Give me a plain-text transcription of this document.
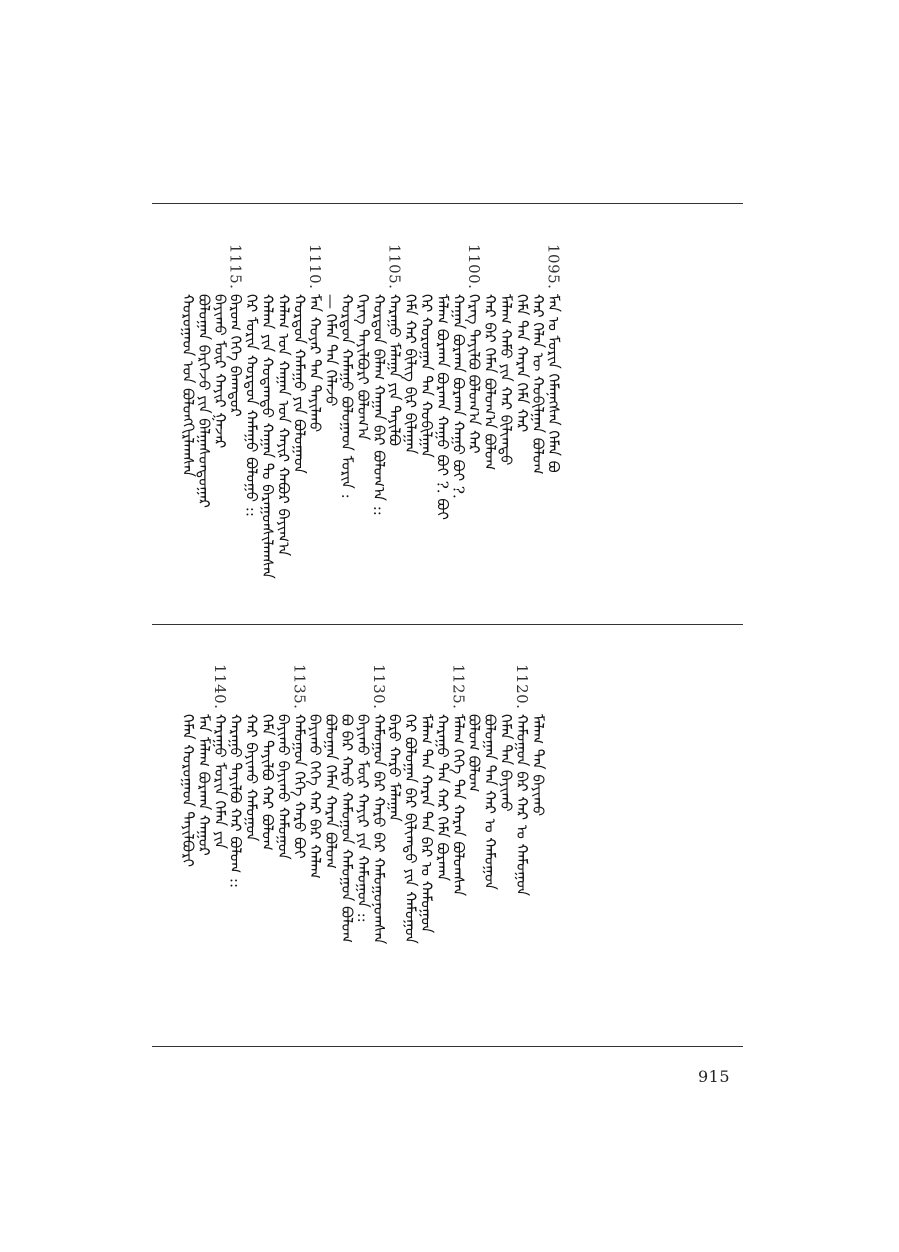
ᠬᠣᠷᠣᠭᠠᠳ ᠤᠨ ᠪᠤᠯᠤᠩᠭᠢᠷᠯᠠᠭᠰᠠᠨ
ᠪᠣᠯᠣᠭᠠᠨ ᠪᠡᠷᠬᠡᠵᠦ ᠶᠢᠨ ᠪᠠᠯᠭᠠᠰᠤᠨᠳᠤᠭᠠᠷ
ᠪᠠᠶᠢᠬᠤ ᠮᠥᠷ ᠬᠠᠶᠢᠷ ᠭᠠᠵᠠᠷ
1115.
ᠪᠠᠷᠤᠭ ᠬᠡᠬᠡ ᠪᠠᠬᠠᠳᠤᠷ
ᠬᠡᠷ ᠮᠣᠷᠢᠨ ᠬᠤᠷᠳᠤᠨ ᠬᠠᠮᠠᠭᠤ ᠪᠤᠯᠤᠭᠤ ::
ᠬᠠᠯᠬᠠ ᠶᠢᠨ ᠬᠤᠲᠠᠭᠲᠤ ᠬᠠᠭᠠᠨ ᠲᠤ ᠪᠠᠷᠠᠭᠤᠨᠰᠢᠯᠠᠭᠰᠠᠨ
ᠬᠠᠯᠠᠭ ᠤᠨ ᠬᠠᠭᠠᠨ ᠤᠨ ᠬᠠᠶᠢᠷ ᠬᠠᠪᠤᠷ ᠪᠠᠶᠢᠭ᠎ᠠ
ᠬᠤᠷᠳᠤᠨ ᠬᠠᠮᠠᠭᠤ ᠶᠢᠨ ᠪᠤᠯᠤᠭᠠᠳ
1110.
ᠮᠠᠨ ᠬᠣᠶᠠᠷ ᠲᠠᠨ ᠲᠠᠶᠢᠯᠬᠤ
— ᠬᠡᠮᠡᠨ ᠲᠠᠨ ᠬᠡᠯᠡᠵᠦ
ᠬᠤᠷᠳᠤᠨ ᠬᠠᠮᠠᠭᠤ ᠪᠤᠯᠤᠭᠠᠳ ᠮᠣᠷᠢᠨ :
ᠬᠡᠷᠡᠭ ᠲᠠᠶᠢᠯᠪᠤᠷᠢ ᠪᠣᠯᠤᠭ᠎ᠠ
ᠬᠤᠷᠳᠤᠨ ᠪᠠᠯᠠᠭ ᠬᠠᠭᠠᠨ ᠪᠡᠷ ᠪᠤᠯᠤᠭ᠎ᠠ ::
1105.
ᠬᠠᠷᠠᠭᠤ ᠮᠠᠯᠠᠭᠠ ᠶᠢᠨ ᠲᠠᠶᠢᠯᠪᠤ
ᠬᠡᠮᠡ ᠬᠠᠷ ᠪᠢᠯᠢᠭ ᠪᠢᠷ ᠪᠢᠯᠠᠭᠠᠨ
ᠬᠡᠷ ᠬᠣᠷᠣᠭᠠᠨ ᠲᠠᠨ ᠬᠤᠪᠢᠯᠭᠠᠨ
ᠮᠠᠯᠠᠭ ᠪᠤᠷᠬᠠᠨ ᠪᠤᠷᠬᠠᠨ ᠬᠠᠭᠤ ᠪᠤᠢ ?. ᠪᠤᠢ
ᠬᠠᠭᠠᠨ ᠪᠤᠷᠬᠠᠨ ᠪᠤᠷᠬᠠᠨ ᠬᠠᠭᠤ ᠪᠤᠢ ?.
1100.
ᠬᠡᠷᠡᠭ ᠲᠠᠶᠢᠯᠪᠤ ᠪᠣᠯᠤᠭ᠎ᠠ ᠬᠠᠷ
ᠬᠠᠷ ᠪᠠᠷ ᠬᠡᠮᠡᠨ ᠪᠣᠯᠤᠭ᠎ᠠ ᠪᠤᠯᠤᠭ
ᠮᠠᠯᠠᠭ ᠬᠠᠮᠤ ᠶᠢᠨ ᠬᠠᠷ ᠪᠢᠯᠢᠭᠲᠤ
ᠬᠡᠮᠡ ᠲᠠᠨ ᠬᠠᠷᠠᠨ ᠬᠡᠮᠡ ᠬᠠᠷ
ᠬᠠᠷ ᠬᠡᠯᠡᠨ ᠦ ᠬᠤᠪᠢᠯᠭᠠᠨ ᠪᠤᠯᠤᠭ
1095.
ᠮᠠᠨ ᠤ ᠮᠣᠷᠢᠨ ᠬᠡᠮᠡᠨᠡᠭᠰᠡᠨ ᠬᠡᠮᠡᠨ ᠪᠤ
ᠬᠡᠮᠡᠨ ᠬᠣᠷᠣᠭᠠᠳ ᠲᠠᠶᠢᠯᠪᠤᠷᠢ
ᠮᠠᠨ ᠮᠠᠯᠠᠭ ᠪᠤᠷᠬᠠᠨ ᠬᠠᠭᠤᠷ
1140.
ᠬᠠᠷᠠᠭᠤ ᠮᠣᠷᠢᠨ ᠬᠡᠮᠡᠨ ᠶᠢᠨ
ᠬᠠᠷᠠᠭᠤ ᠲᠠᠶᠢᠯᠪᠤ ᠬᠠᠷ ᠪᠤᠯᠤᠭ ::
ᠬᠠᠷ ᠪᠠᠶᠢᠬᠤ ᠬᠠᠮᠤᠭᠤᠨ
ᠬᠡᠮᠡ ᠲᠠᠶᠢᠯᠪᠤ ᠬᠠᠷ ᠪᠤᠯᠤᠭ
ᠪᠠᠶᠢᠬᠤ ᠪᠠᠶᠢᠬᠤ ᠬᠠᠮᠤᠭᠤᠨ
1135.
ᠬᠠᠮᠤᠭᠤᠨ ᠬᠡᠬᠡ ᠬᠠᠷᠤ ᠪᠤᠢ
ᠪᠠᠶᠢᠬᠤ ᠬᠡᠬᠡ ᠬᠠᠷ ᠪᠠᠷ ᠬᠠᠯᠠᠭ
ᠪᠣᠯᠣᠭᠠᠨ ᠬᠡᠮᠡᠨ ᠬᠠᠷᠠᠨ ᠪᠤᠯᠤᠭ
ᠪᠤ ᠪᠠᠷ ᠬᠠᠷᠤ ᠬᠠᠮᠤᠭᠤᠨ ᠬᠠᠮᠤᠭᠤᠨ ᠪᠤᠯᠤᠭ
ᠪᠠᠶᠢᠬᠤ ᠮᠥᠷ ᠬᠠᠶᠢᠷ ᠶᠢᠨ ᠬᠠᠮᠤᠭᠤᠨ ::
1130.
ᠬᠠᠮᠤᠭᠤᠨ ᠪᠠᠷ ᠬᠠᠷᠤ ᠪᠠᠷ ᠬᠠᠮᠤᠭᠤᠨᠤᠭᠰᠠᠨ
ᠪᠠᠷᠤ ᠬᠠᠷᠤ ᠮᠠᠯᠠᠭᠠᠨ
ᠬᠡᠷ ᠪᠣᠯᠣᠭᠠᠨ ᠪᠡᠷ ᠪᠢᠯᠢᠭᠲᠤ ᠶᠢᠨ ᠬᠠᠮᠤᠭᠤᠨ
ᠮᠠᠯᠠᠭ ᠲᠠᠨ ᠬᠠᠷᠠᠨ ᠲᠠᠨ ᠪᠠᠷ ᠤ ᠬᠠᠮᠤᠭᠤᠨ
ᠬᠠᠷᠠᠭᠤ ᠲᠠᠨ ᠬᠠᠷ ᠬᠡᠮᠡ ᠪᠤᠷᠬᠠᠨ
1125.
ᠮᠠᠯᠠᠭ ᠬᠡᠬᠡ ᠲᠠᠨ ᠬᠠᠷᠠᠨ ᠪᠤᠯᠤᠭᠰᠠᠨ
ᠪᠤᠯᠤᠭ ᠪᠤᠯᠤᠭ
ᠪᠣᠯᠣᠭᠠᠨ ᠲᠠᠨ ᠬᠠᠷ ᠤ ᠬᠠᠮᠤᠭᠤᠨ
ᠬᠡᠮᠡᠨ ᠲᠠᠨ ᠪᠠᠶᠢᠬᠤ
1120.
ᠬᠠᠮᠤᠭᠤᠨ ᠪᠡᠷ ᠬᠠᠷ ᠤ ᠬᠠᠮᠤᠭᠤᠨ
ᠮᠠᠯᠠᠭ ᠲᠠᠨ ᠪᠠᠶᠢᠬᠤ
915
